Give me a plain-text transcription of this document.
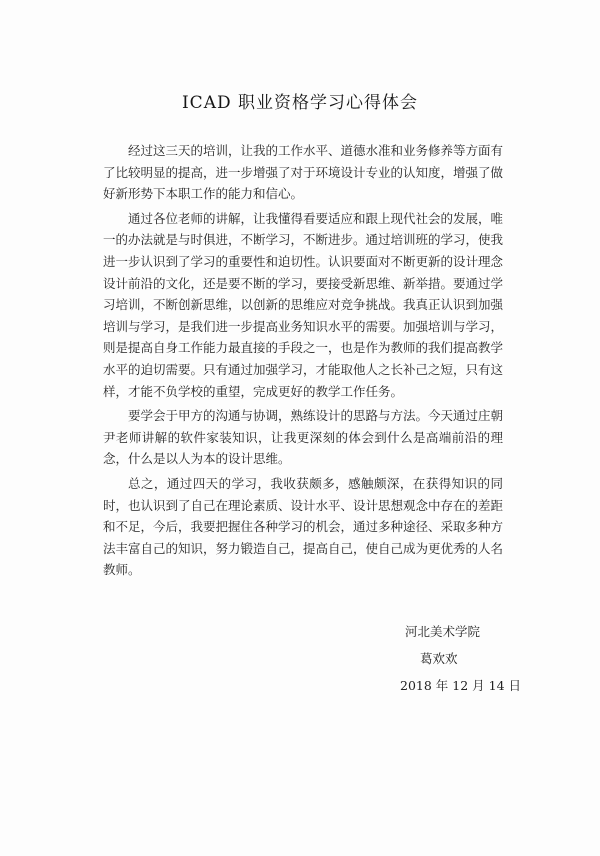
ICAD 职业资格学习心得体会

经过这三天的培训，让我的工作水平、道德水准和业务修养等方面有了比较明显的提高，进一步增强了对于环境设计专业的认知度，增强了做好新形势下本职工作的能力和信心。

通过各位老师的讲解，让我懂得看要适应和跟上现代社会的发展，唯一的办法就是与时俱进，不断学习，不断进步。通过培训班的学习，使我进一步认识到了学习的重要性和迫切性。认识要面对不断更新的设计理念设计前沿的文化，还是要不断的学习，要接受新思维、新举措。要通过学习培训，不断创新思维，以创新的思维应对竞争挑战。我真正认识到加强培训与学习，是我们进一步提高业务知识水平的需要。加强培训与学习，则是提高自身工作能力最直接的手段之一，也是作为教师的我们提高教学水平的迫切需要。只有通过加强学习，才能取他人之长补己之短，只有这样，才能不负学校的重望，完成更好的教学工作任务。

要学会于甲方的沟通与协调，熟练设计的思路与方法。今天通过庄朝尹老师讲解的软件家装知识，让我更深刻的体会到什么是高端前沿的理念，什么是以人为本的设计思维。

总之，通过四天的学习，我收获颇多，感触颇深，在获得知识的同时，也认识到了自己在理论素质、设计水平、设计思想观念中存在的差距和不足，今后，我要把握住各种学习的机会，通过多种途径、采取多种方法丰富自己的知识，努力锻造自己，提高自己，使自己成为更优秀的人名教师。

河北美术学院
葛欢欢
2018 年 12 月 14 日
